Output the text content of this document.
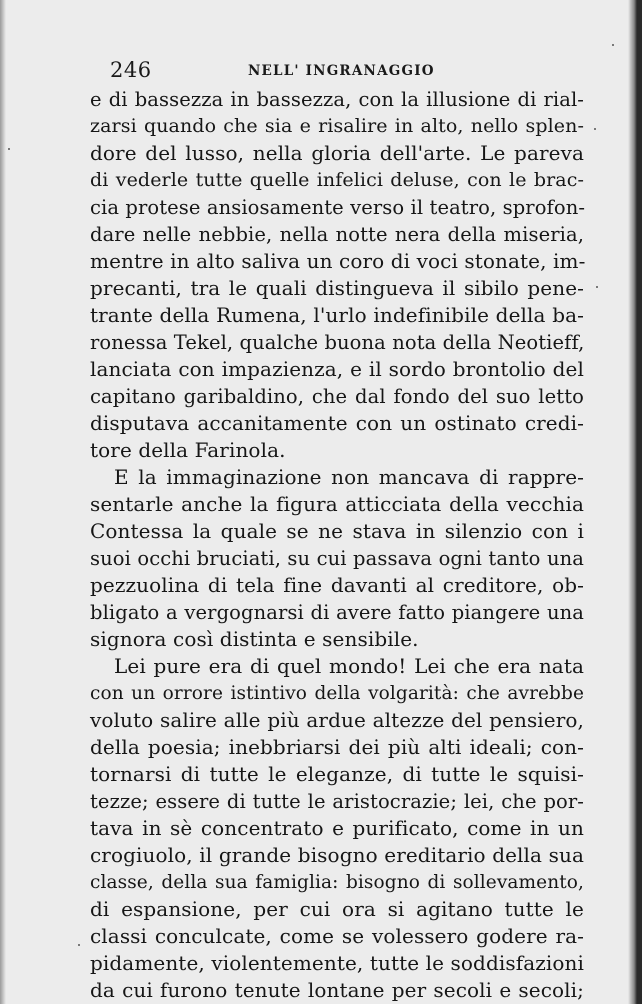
246	NELL' INGRANAGGIO
e di bassezza in bassezza, con la illusione di rial-
zarsi quando che sia e risalire in alto, nello splen-
dore del lusso, nella gloria dell'arte. Le pareva
di vederle tutte quelle infelici deluse, con le brac-
cia protese ansiosamente verso il teatro, sprofon-
dare nelle nebbie, nella notte nera della miseria,
mentre in alto saliva un coro di voci stonate, im-
precanti, tra le quali distingueva il sibilo pene-
trante della Rumena, l'urlo indefinibile della ba-
ronessa Tekel, qualche buona nota della Neotieff,
lanciata con impazienza, e il sordo brontolio del
capitano garibaldino, che dal fondo del suo letto
disputava accanitamente con un ostinato credi-
tore della Farinola.
E la immaginazione non mancava di rappre-
sentarle anche la figura atticciata della vecchia
Contessa la quale se ne stava in silenzio con i
suoi occhi bruciati, su cui passava ogni tanto una
pezzuolina di tela fine davanti al creditore, ob-
bligato a vergognarsi di avere fatto piangere una
signora così distinta e sensibile.
Lei pure era di quel mondo! Lei che era nata
con un orrore istintivo della volgarità: che avrebbe
voluto salire alle più ardue altezze del pensiero,
della poesia; inebbriarsi dei più alti ideali; con-
tornarsi di tutte le eleganze, di tutte le squisi-
tezze; essere di tutte le aristocrazie; lei, che por-
tava in sè concentrato e purificato, come in un
crogiuolo, il grande bisogno ereditario della sua
classe, della sua famiglia: bisogno di sollevamento,
di espansione, per cui ora si agitano tutte le
classi conculcate, come se volessero godere ra-
pidamente, violentemente, tutte le soddisfazioni
da cui furono tenute lontane per secoli e secoli;
